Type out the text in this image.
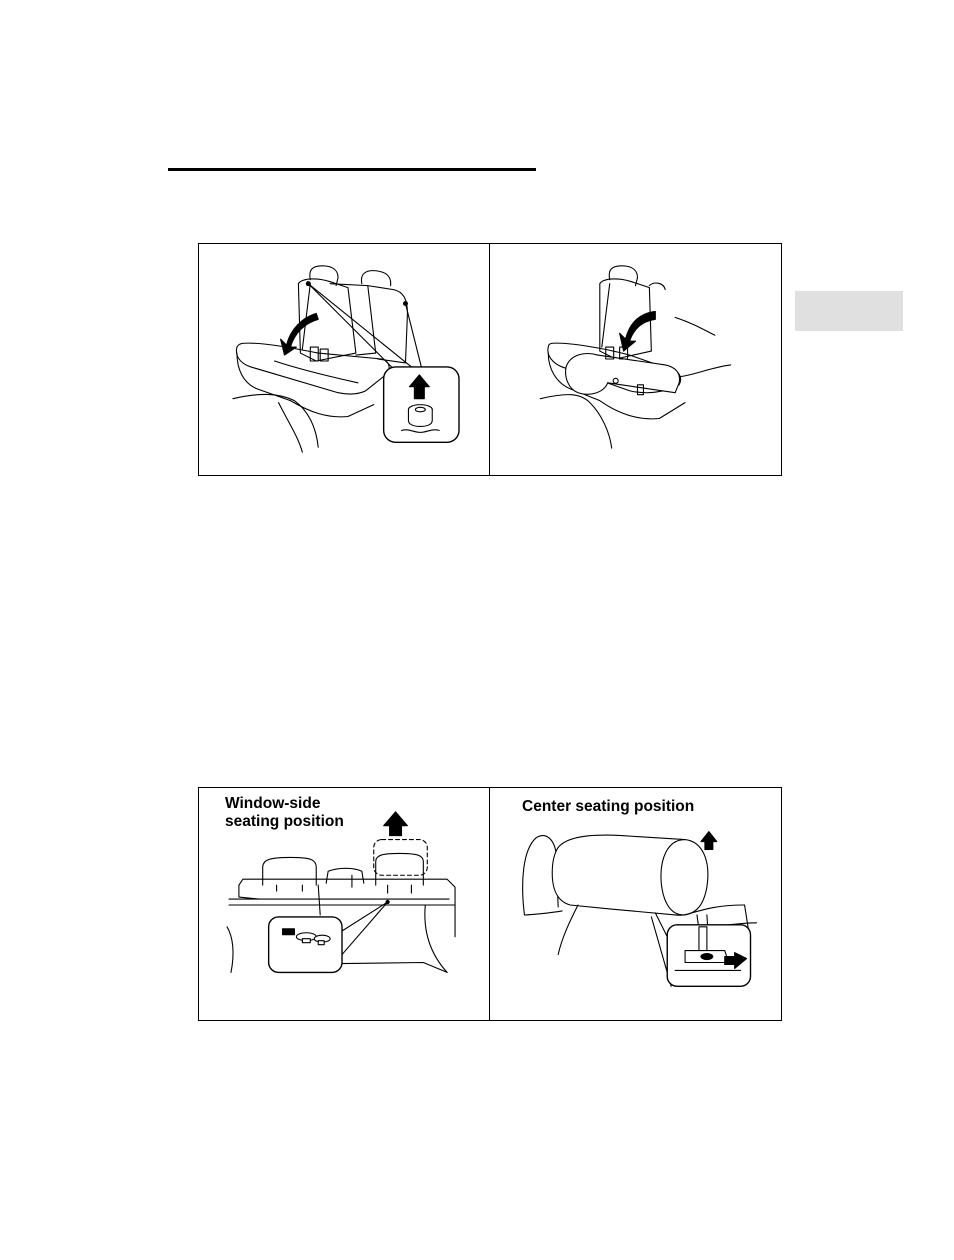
Window-side
seating position
Center seating position
